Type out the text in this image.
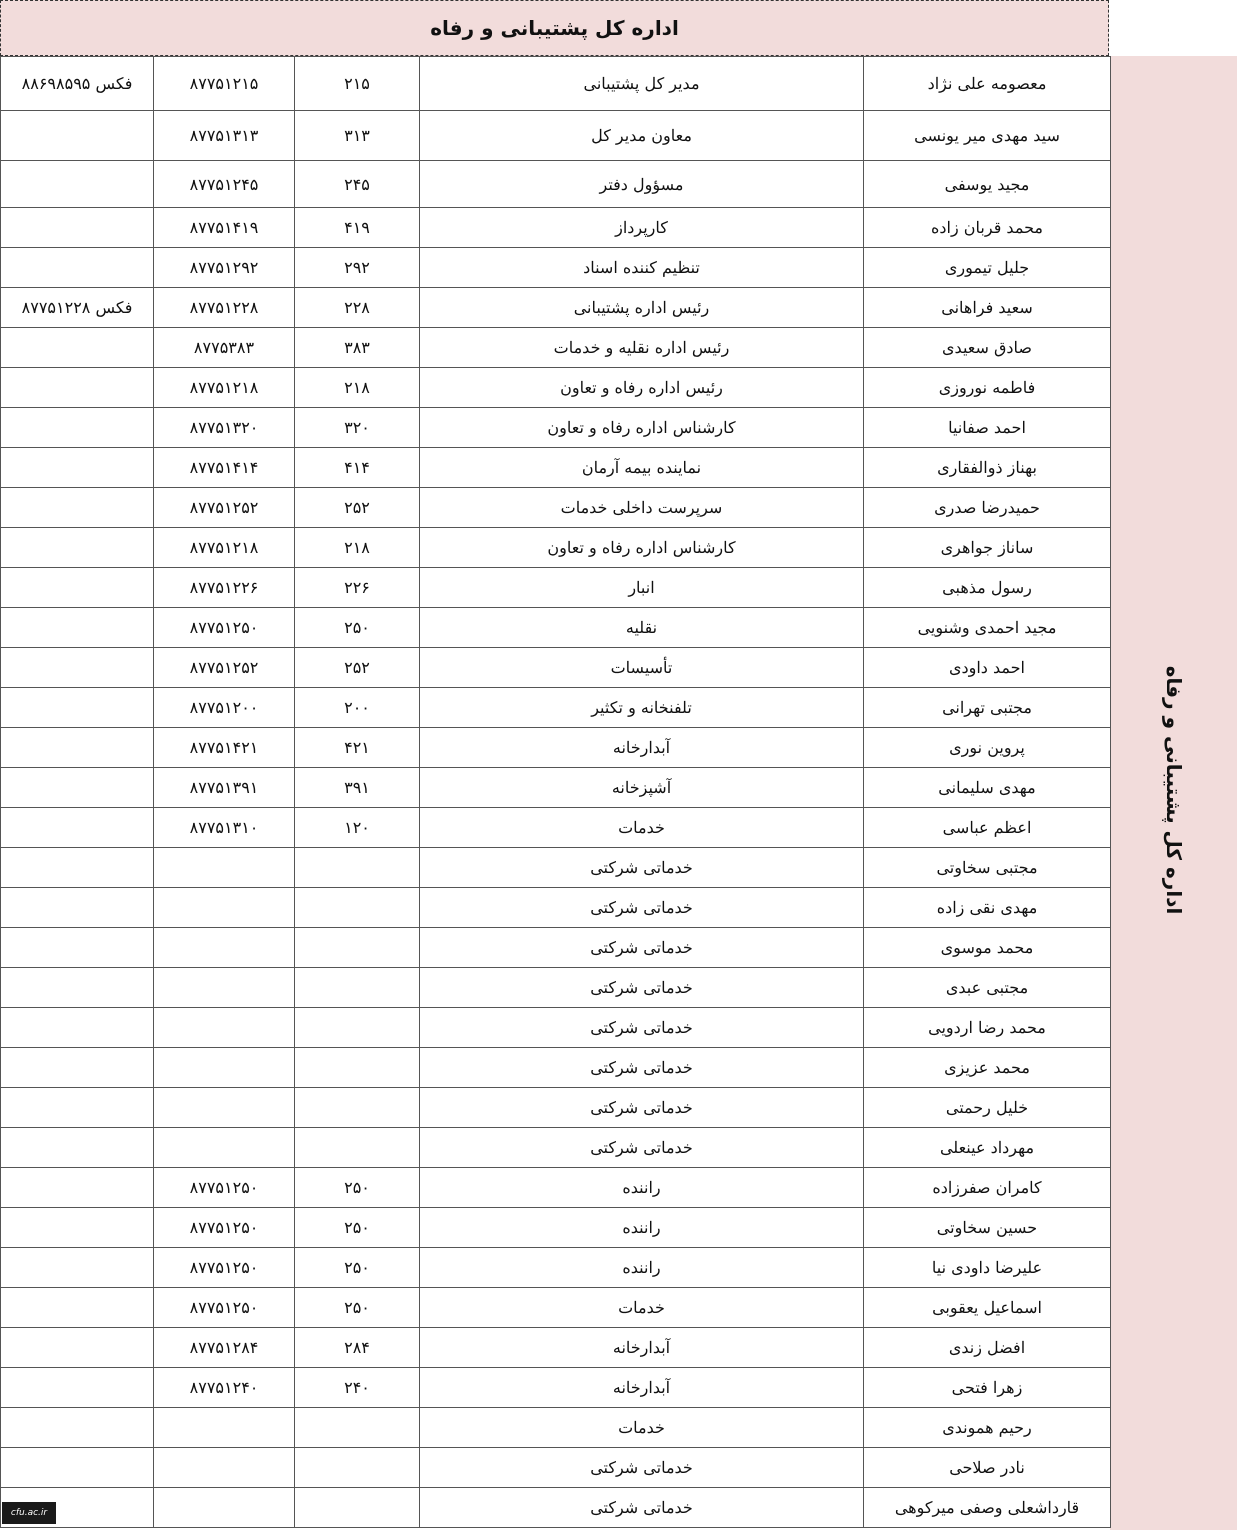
اداره کل پشتیبانی و رفاه
اداره کل پشتیبانی و رفاه
فکس ۸۸۶۹۸۵۹۵	۸۷۷۵۱۲۱۵	۲۱۵	مدیر کل پشتیبانی	معصومه علی نژاد
	۸۷۷۵۱۳۱۳	۳۱۳	معاون مدیر کل	سید مهدی میر یونسی
	۸۷۷۵۱۲۴۵	۲۴۵	مسؤول دفتر	مجید یوسفی
	۸۷۷۵۱۴۱۹	۴۱۹	کارپرداز	محمد قربان زاده
	۸۷۷۵۱۲۹۲	۲۹۲	تنظیم کننده اسناد	جلیل تیموری
فکس ۸۷۷۵۱۲۲۸	۸۷۷۵۱۲۲۸	۲۲۸	رئیس اداره پشتیبانی	سعید فراهانی
	۸۷۷۵۳۸۳	۳۸۳	رئیس اداره نقلیه و خدمات	صادق سعیدی
	۸۷۷۵۱۲۱۸	۲۱۸	رئیس اداره رفاه و تعاون	فاطمه نوروزی
	۸۷۷۵۱۳۲۰	۳۲۰	کارشناس اداره رفاه و تعاون	احمد صفانیا
	۸۷۷۵۱۴۱۴	۴۱۴	نماینده بیمه آرمان	بهناز ذوالفقاری
	۸۷۷۵۱۲۵۲	۲۵۲	سرپرست داخلی خدمات	حمیدرضا صدری
	۸۷۷۵۱۲۱۸	۲۱۸	کارشناس اداره رفاه و تعاون	ساناز جواهری
	۸۷۷۵۱۲۲۶	۲۲۶	انبار	رسول مذهبی
	۸۷۷۵۱۲۵۰	۲۵۰	نقلیه	مجید احمدی وشنویی
	۸۷۷۵۱۲۵۲	۲۵۲	تأسیسات	احمد داودی
	۸۷۷۵۱۲۰۰	۲۰۰	تلفنخانه و تکثیر	مجتبی تهرانی
	۸۷۷۵۱۴۲۱	۴۲۱	آبدارخانه	پروین نوری
	۸۷۷۵۱۳۹۱	۳۹۱	آشپزخانه	مهدی سلیمانی
	۸۷۷۵۱۳۱۰	۱۲۰	خدمات	اعظم عباسی
			خدماتی شرکتی	مجتبی سخاوتی
			خدماتی شرکتی	مهدی نقی زاده
			خدماتی شرکتی	محمد موسوی
			خدماتی شرکتی	مجتبی عبدی
			خدماتی شرکتی	محمد رضا اردویی
			خدماتی شرکتی	محمد عزیزی
			خدماتی شرکتی	خلیل رحمتی
			خدماتی شرکتی	مهرداد عینعلی
	۸۷۷۵۱۲۵۰	۲۵۰	راننده	کامران صفرزاده
	۸۷۷۵۱۲۵۰	۲۵۰	راننده	حسین سخاوتی
	۸۷۷۵۱۲۵۰	۲۵۰	راننده	علیرضا داودی نیا
	۸۷۷۵۱۲۵۰	۲۵۰	خدمات	اسماعیل یعقوبی
	۸۷۷۵۱۲۸۴	۲۸۴	آبدارخانه	افضل زندی
	۸۷۷۵۱۲۴۰	۲۴۰	آبدارخانه	زهرا فتحی
			خدمات	رحیم هموندی
			خدماتی شرکتی	نادر صلاحی
			خدماتی شرکتی	قارداشعلی وصفی میرکوهی
cfu.ac.ir
